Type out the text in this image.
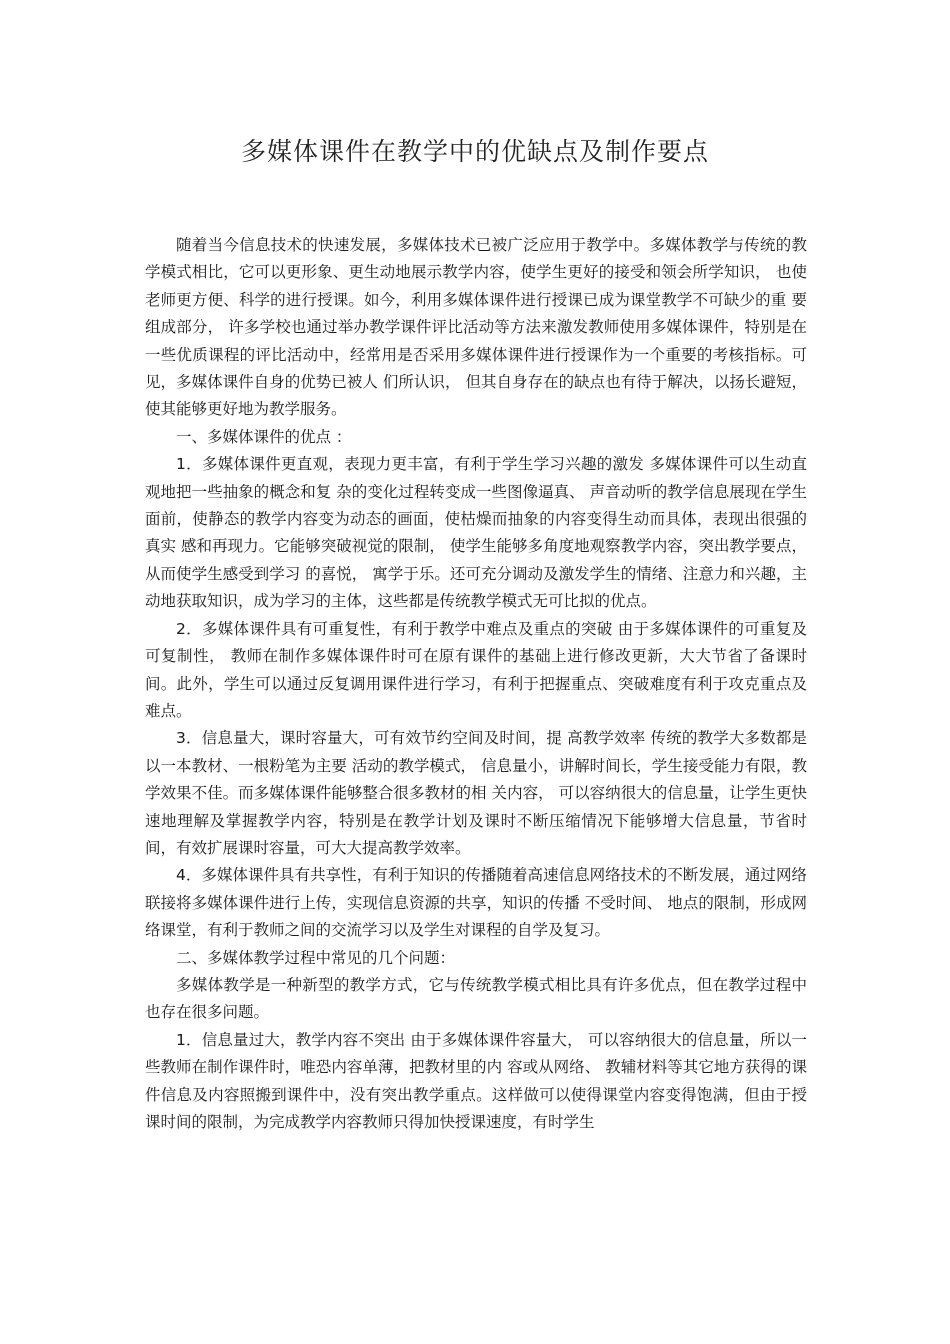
多媒体课件在教学中的优缺点及制作要点

随着当今信息技术的快速发展，多媒体技术已被广泛应用于教学中。多媒体教学与传统的教学模式相比，它可以更形象、更生动地展示教学内容，使学生更好的接受和领会所学知识， 也使老师更方便、科学的进行授课。如今，利用多媒体课件进行授课已成为课堂教学不可缺少的重 要组成部分， 许多学校也通过举办教学课件评比活动等方法来激发教师使用多媒体课件，特别是在一些优质课程的评比活动中，经常用是否采用多媒体课件进行授课作为一个重要的考核指标。可见，多媒体课件自身的优势已被人 们所认识， 但其自身存在的缺点也有待于解决，以扬长避短，使其能够更好地为教学服务。

一、多媒体课件的优点 ：

1．多媒体课件更直观，表现力更丰富，有利于学生学习兴趣的激发 多媒体课件可以生动直观地把一些抽象的概念和复 杂的变化过程转变成一些图像逼真、 声音动听的教学信息展现在学生面前，使静态的教学内容变为动态的画面，使枯燥而抽象的内容变得生动而具体，表现出很强的真实 感和再现力。它能够突破视觉的限制， 使学生能够多角度地观察教学内容，突出教学要点，从而使学生感受到学习 的喜悦， 寓学于乐。还可充分调动及激发学生的情绪、注意力和兴趣，主动地获取知识，成为学习的主体，这些都是传统教学模式无可比拟的优点。

2．多媒体课件具有可重复性，有利于教学中难点及重点的突破 由于多媒体课件的可重复及可复制性， 教师在制作多媒体课件时可在原有课件的基础上进行修改更新，大大节省了备课时间。此外，学生可以通过反复调用课件进行学习，有利于把握重点、突破难度有利于攻克重点及难点。

3．信息量大，课时容量大，可有效节约空间及时间，提 高教学效率 传统的教学大多数都是以一本教材、一根粉笔为主要 活动的教学模式， 信息量小，讲解时间长，学生接受能力有限，教学效果不佳。而多媒体课件能够整合很多教材的相 关内容， 可以容纳很大的信息量，让学生更快速地理解及掌握教学内容，特别是在教学计划及课时不断压缩情况下能够增大信息量，节省时间，有效扩展课时容量，可大大提高教学效率。

4．多媒体课件具有共享性，有利于知识的传播随着高速信息网络技术的不断发展，通过网络联接将多媒体课件进行上传，实现信息资源的共享，知识的传播 不受时间、 地点的限制，形成网络课堂，有利于教师之间的交流学习以及学生对课程的自学及复习。

二、多媒体教学过程中常见的几个问题：

多媒体教学是一种新型的教学方式，它与传统教学模式相比具有许多优点，但在教学过程中也存在很多问题。

1．信息量过大，教学内容不突出 由于多媒体课件容量大， 可以容纳很大的信息量，所以一些教师在制作课件时，唯恐内容单薄，把教材里的内 容或从网络、 教辅材料等其它地方获得的课件信息及内容照搬到课件中，没有突出教学重点。这样做可以使得课堂内容变得饱满，但由于授课时间的限制，为完成教学内容教师只得加快授课速度，有时学生
